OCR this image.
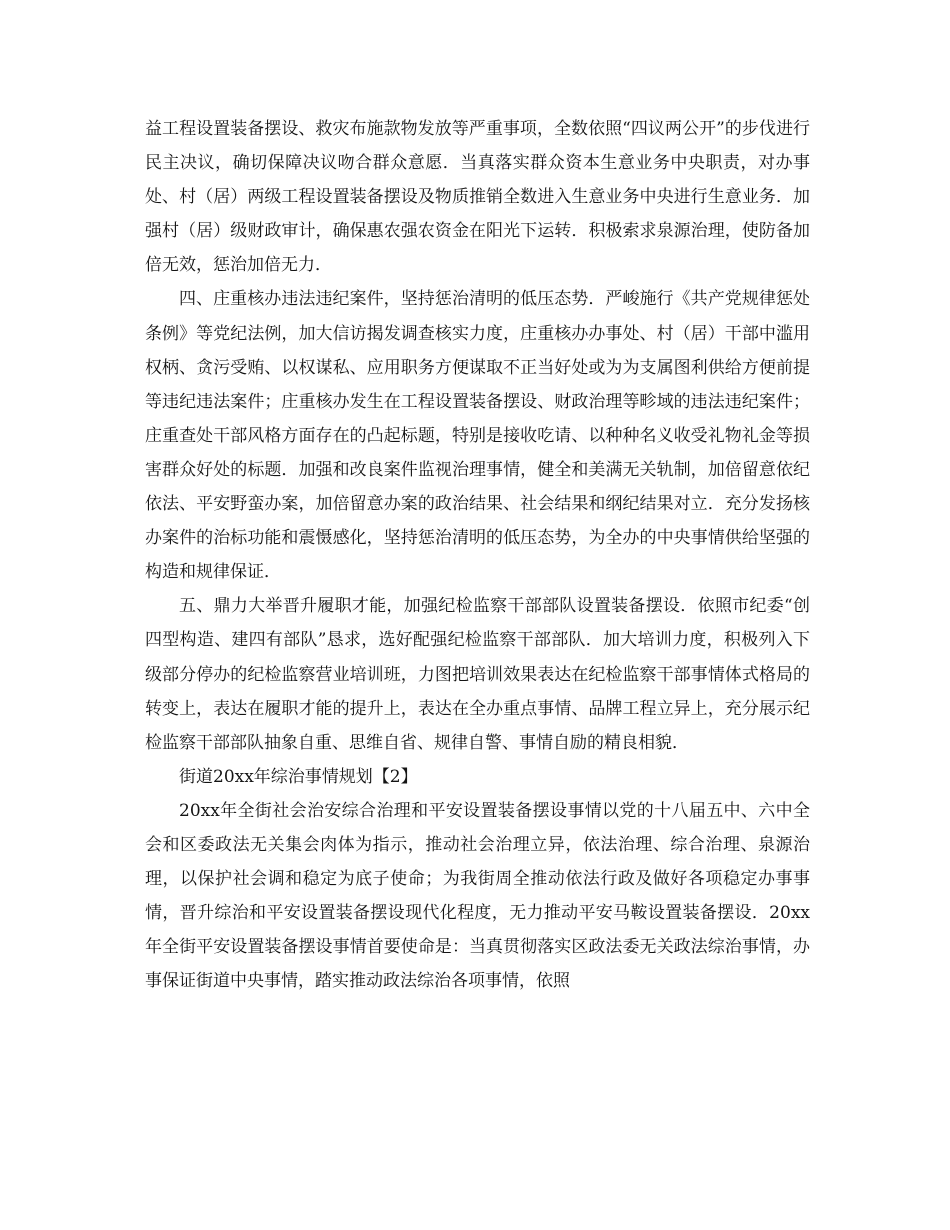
益工程设置装备摆设、救灾布施款物发放等严重事项，全数依照“四议两公开”的步伐进行民主决议，确切保障决议吻合群众意愿．当真落实群众资本生意业务中央职责，对办事处、村（居）两级工程设置装备摆设及物质推销全数进入生意业务中央进行生意业务．加强村（居）级财政审计，确保惠农强农资金在阳光下运转．积极索求泉源治理，使防备加倍无效，惩治加倍无力．

四、庄重核办违法违纪案件，坚持惩治清明的低压态势．严峻施行《共产党规律惩处条例》等党纪法例，加大信访揭发调查核实力度，庄重核办办事处、村（居）干部中滥用权柄、贪污受贿、以权谋私、应用职务方便谋取不正当好处或为为支属图利供给方便前提等违纪违法案件；庄重核办发生在工程设置装备摆设、财政治理等畛域的违法违纪案件；庄重查处干部风格方面存在的凸起标题，特别是接收吃请、以种种名义收受礼物礼金等损害群众好处的标题．加强和改良案件监视治理事情，健全和美满无关轨制，加倍留意依纪依法、平安野蛮办案，加倍留意办案的政治结果、社会结果和纲纪结果对立．充分发扬核办案件的治标功能和震慑感化，坚持惩治清明的低压态势，为全办的中央事情供给坚强的构造和规律保证．

五、鼎力大举晋升履职才能，加强纪检监察干部部队设置装备摆设．依照市纪委“创四型构造、建四有部队”恳求，选好配强纪检监察干部部队．加大培训力度，积极列入下级部分停办的纪检监察营业培训班，力图把培训效果表达在纪检监察干部事情体式格局的转变上，表达在履职才能的提升上，表达在全办重点事情、品牌工程立异上，充分展示纪检监察干部部队抽象自重、思维自省、规律自警、事情自励的精良相貌．

街道20xx年综治事情规划【2】

20xx年全街社会治安综合治理和平安设置装备摆设事情以党的十八届五中、六中全会和区委政法无关集会肉体为指示，推动社会治理立异，依法治理、综合治理、泉源治理，以保护社会调和稳定为底子使命；为我街周全推动依法行政及做好各项稳定办事事情，晋升综治和平安设置装备摆设现代化程度，无力推动平安马鞍设置装备摆设．20xx年全街平安设置装备摆设事情首要使命是：当真贯彻落实区政法委无关政法综治事情，办事保证街道中央事情，踏实推动政法综治各项事情，依照
